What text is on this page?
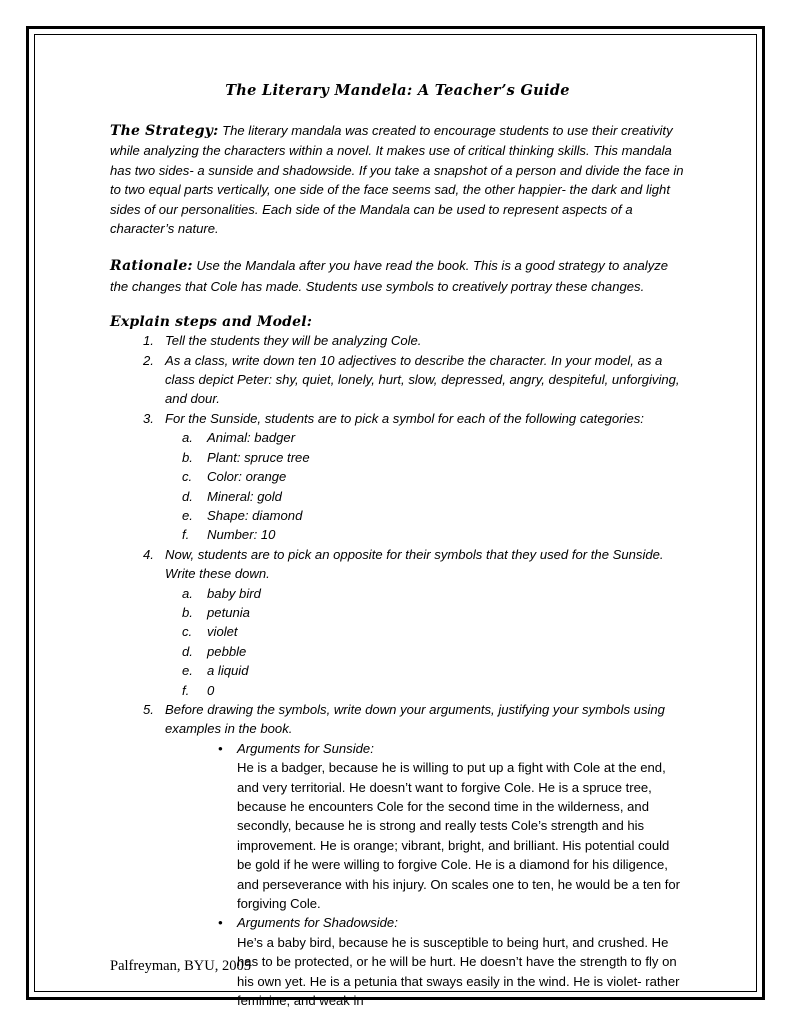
The Literary Mandela: A Teacher’s Guide

The Strategy: The literary mandala was created to encourage students to use their creativity while analyzing the characters within a novel. It makes use of critical thinking skills. This mandala has two sides- a sunside and shadowside. If you take a snapshot of a person and divide the face in to two equal parts vertically, one side of the face seems sad, the other happier- the dark and light sides of our personalities. Each side of the Mandala can be used to represent aspects of a character’s nature.

Rationale: Use the Mandala after you have read the book. This is a good strategy to analyze the changes that Cole has made. Students use symbols to creatively portray these changes.

Explain steps and Model:
1. Tell the students they will be analyzing Cole.
2. As a class, write down ten 10 adjectives to describe the character. In your model, as a class depict Peter: shy, quiet, lonely, hurt, slow, depressed, angry, despiteful, unforgiving, and dour.
3. For the Sunside, students are to pick a symbol for each of the following categories:
a.	Animal: badger
b.	Plant: spruce tree
c.	Color: orange
d.	Mineral: gold
e.	Shape: diamond
f.	Number: 10
4. Now, students are to pick an opposite for their symbols that they used for the Sunside. Write these down.
a.	baby bird
b.	petunia
c.	violet
d.	pebble
e.	a liquid
f.	0
5. Before drawing the symbols, write down your arguments, justifying your symbols using examples in the book.
• Arguments for Sunside:
He is a badger, because he is willing to put up a fight with Cole at the end, and very territorial. He doesn’t want to forgive Cole. He is a spruce tree, because he encounters Cole for the second time in the wilderness, and secondly, because he is strong and really tests Cole’s strength and his improvement. He is orange; vibrant, bright, and brilliant. His potential could be gold if he were willing to forgive Cole. He is a diamond for his diligence, and perseverance with his injury. On scales one to ten, he would be a ten for forgiving Cole.
• Arguments for Shadowside:
He’s a baby bird, because he is susceptible to being hurt, and crushed. He has to be protected, or he will be hurt. He doesn’t have the strength to fly on his own yet. He is a petunia that sways easily in the wind. He is violet- rather feminine, and weak in
Palfreyman, BYU, 2005
